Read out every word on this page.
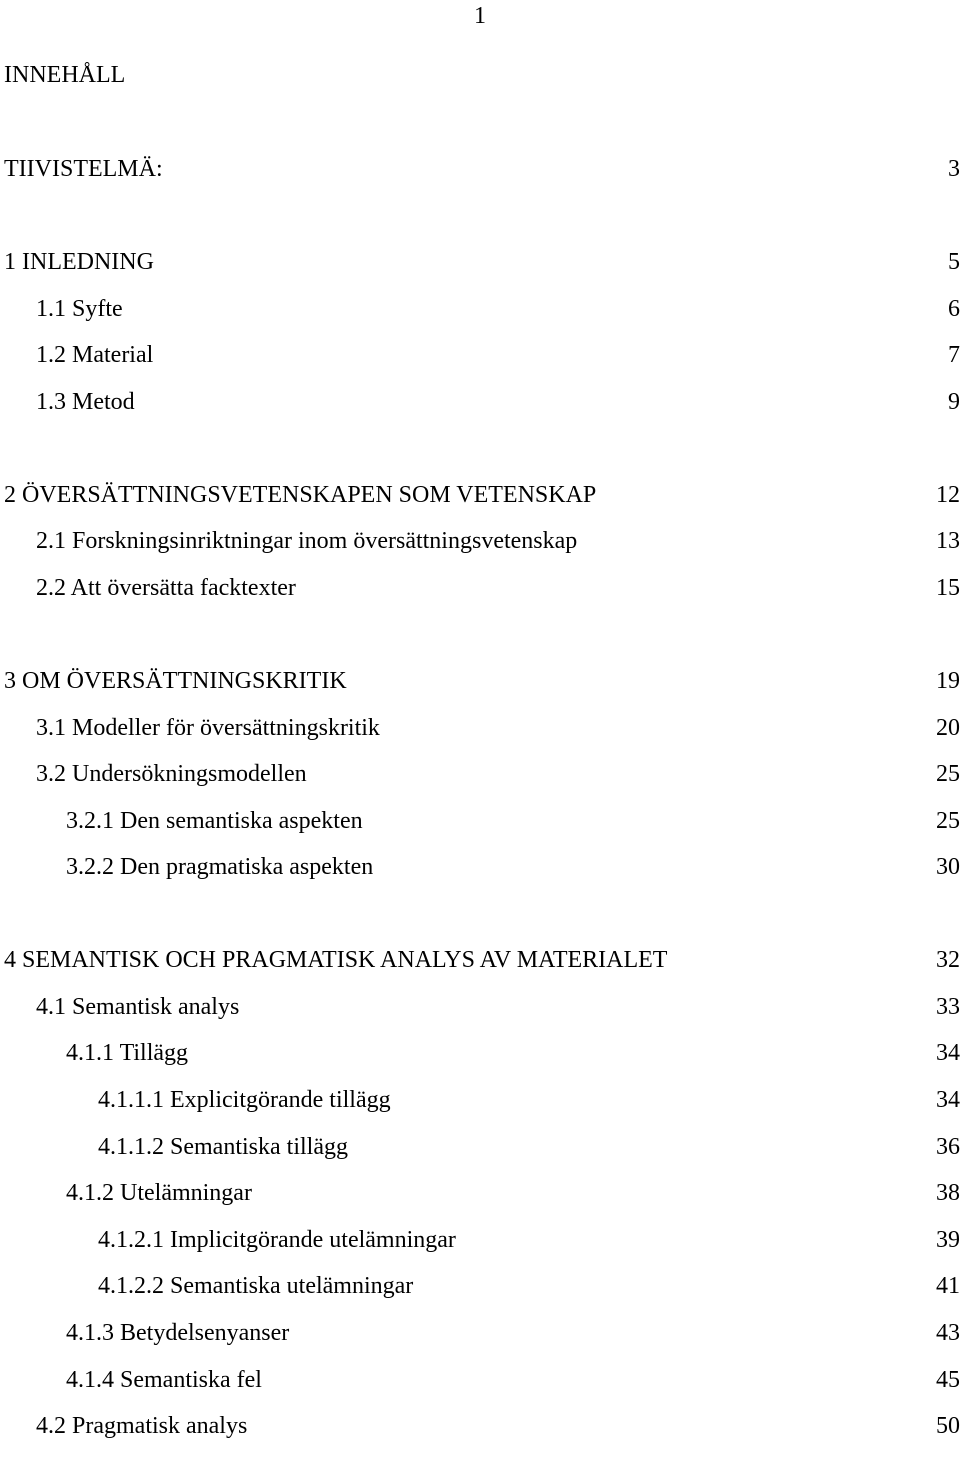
1
INNEHÅLL
TIIVISTELMÄ:	3
1 INLEDNING	5
1.1 Syfte	6
1.2 Material	7
1.3 Metod	9
2 ÖVERSÄTTNINGSVETENSKAPEN SOM VETENSKAP	12
2.1 Forskningsinriktningar inom översättningsvetenskap	13
2.2 Att översätta facktexter	15
3 OM ÖVERSÄTTNINGSKRITIK	19
3.1 Modeller för översättningskritik	20
3.2 Undersökningsmodellen	25
3.2.1 Den semantiska aspekten	25
3.2.2 Den pragmatiska aspekten	30
4 SEMANTISK OCH PRAGMATISK ANALYS AV MATERIALET	32
4.1 Semantisk analys	33
4.1.1 Tillägg	34
4.1.1.1 Explicitgörande tillägg	34
4.1.1.2 Semantiska tillägg	36
4.1.2 Utelämningar	38
4.1.2.1 Implicitgörande utelämningar	39
4.1.2.2 Semantiska utelämningar	41
4.1.3 Betydelsenyanser	43
4.1.4 Semantiska fel	45
4.2 Pragmatisk analys	50
